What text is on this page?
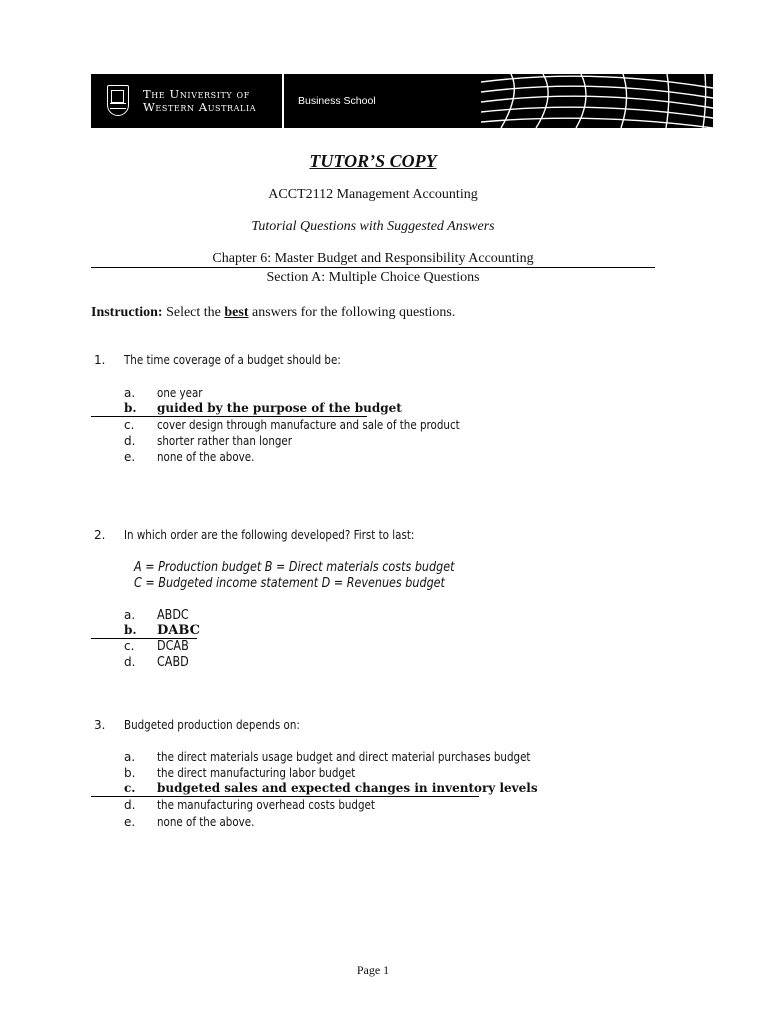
The University of
Western Australia	Business School
TUTOR’S COPY
ACCT2112 Management Accounting
Tutorial Questions with Suggested Answers
Chapter 6: Master Budget and Responsibility Accounting
Section A: Multiple Choice Questions
Instruction: Select the best answers for the following questions.
1. The time coverage of a budget should be:
a. one year
b. guided by the purpose of the budget
c. cover design through manufacture and sale of the product
d. shorter rather than longer
e. none of the above.
2. In which order are the following developed? First to last:
A = Production budget B = Direct materials costs budget
C = Budgeted income statement D = Revenues budget
a. ABDC
b. DABC
c. DCAB
d. CABD
3. Budgeted production depends on:
a. the direct materials usage budget and direct material purchases budget
b. the direct manufacturing labor budget
c. budgeted sales and expected changes in inventory levels
d. the manufacturing overhead costs budget
e. none of the above.
Page 1
